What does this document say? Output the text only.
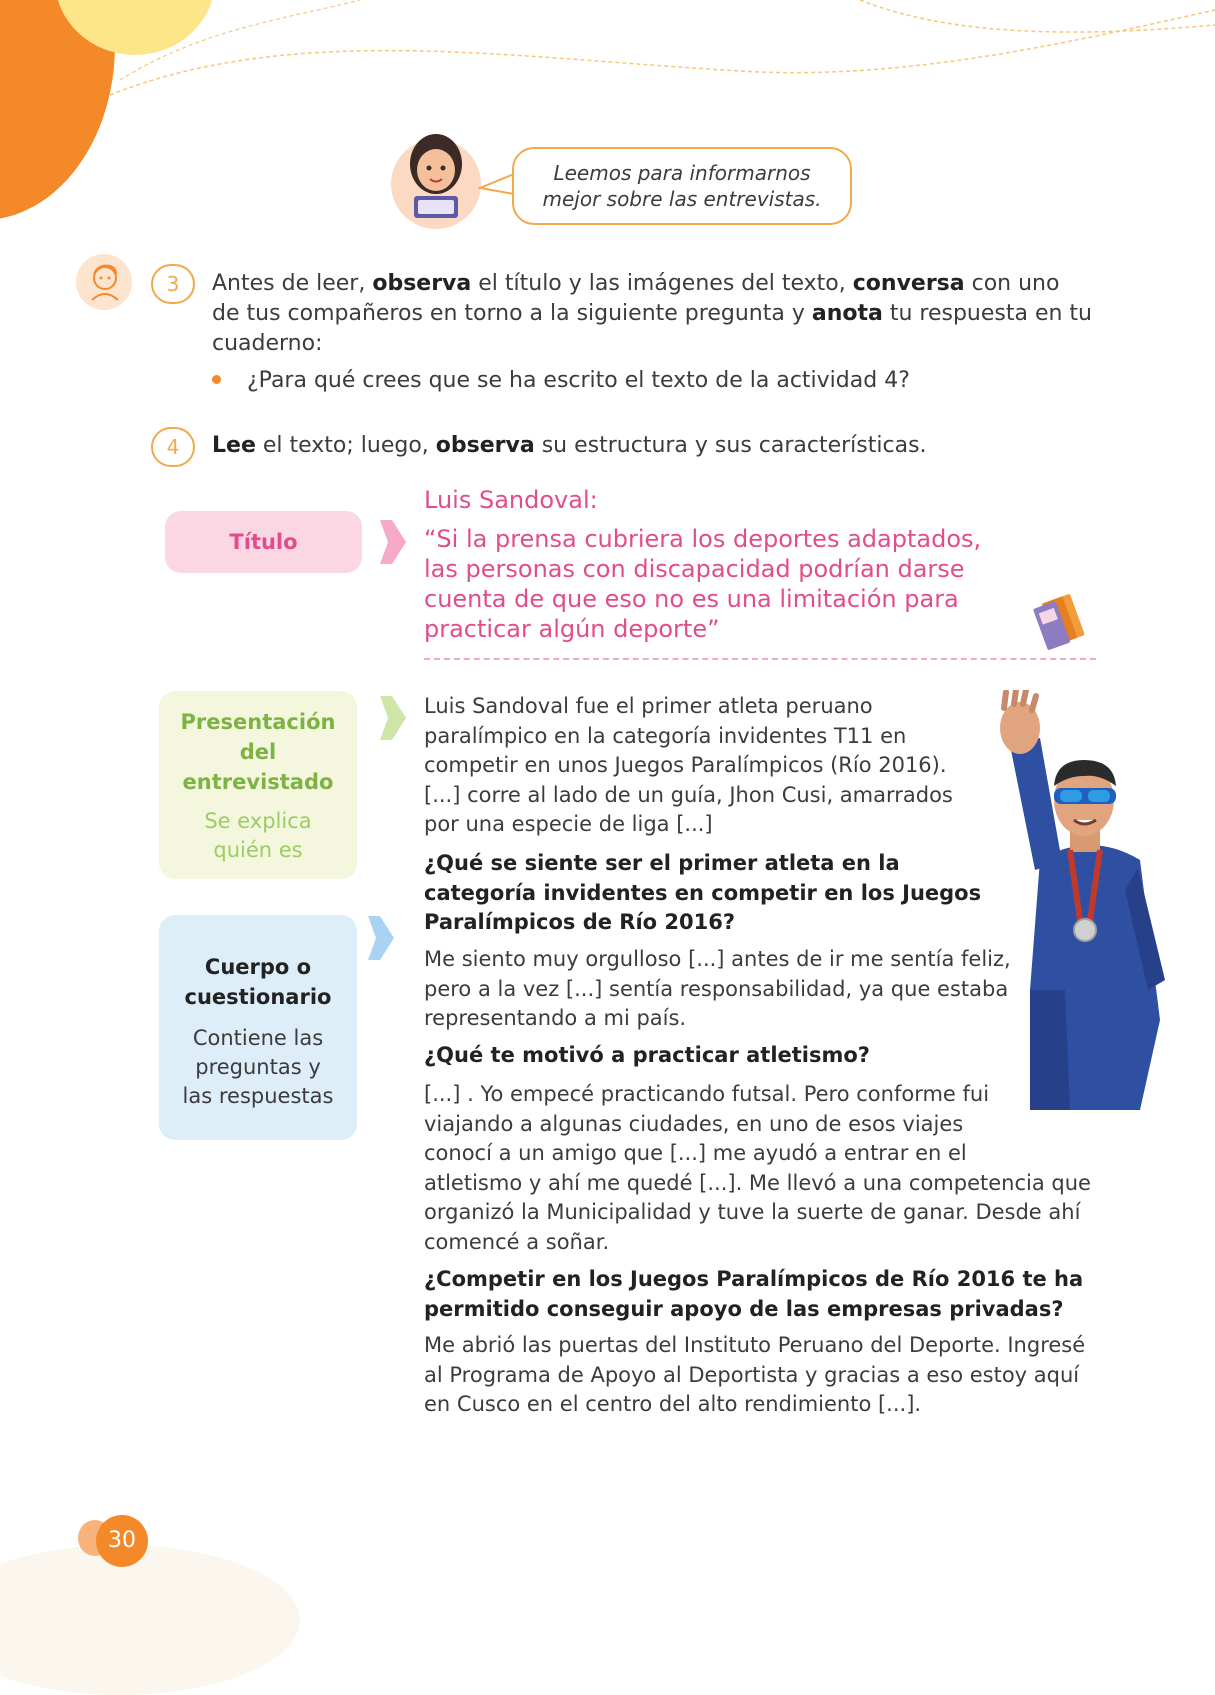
Leemos para informarnos
mejor sobre las entrevistas.
3	Antes de leer, observa el título y las imágenes del texto, conversa con uno de tus compañeros en torno a la siguiente pregunta y anota tu respuesta en tu cuaderno:
¿Para qué crees que se ha escrito el texto de la actividad 4?
4	Lee el texto; luego, observa su estructura y sus características.
Título
Presentación
del
entrevistado
Se explica
quién es
Cuerpo o
cuestionario
Contiene las
preguntas y
las respuestas
Luis Sandoval:
“Si la prensa cubriera los deportes adaptados,
las personas con discapacidad podrían darse
cuenta de que eso no es una limitación para
practicar algún deporte”
Luis Sandoval fue el primer atleta peruano
paralímpico en la categoría invidentes T11 en
competir en unos Juegos Paralímpicos (Río 2016).
[...] corre al lado de un guía, Jhon Cusi, amarrados
por una especie de liga [...]
¿Qué se siente ser el primer atleta en la
categoría invidentes en competir en los Juegos
Paralímpicos de Río 2016?
Me siento muy orgulloso [...] antes de ir me sentía feliz,
pero a la vez [...] sentía responsabilidad, ya que estaba
representando a mi país.
¿Qué te motivó a practicar atletismo?
[...] . Yo empecé practicando futsal. Pero conforme fui
viajando a algunas ciudades, en uno de esos viajes
conocí a un amigo que [...] me ayudó a entrar en el
atletismo y ahí me quedé [...]. Me llevó a una competencia que
organizó la Municipalidad y tuve la suerte de ganar. Desde ahí
comencé a soñar.
¿Competir en los Juegos Paralímpicos de Río 2016 te ha
permitido conseguir apoyo de las empresas privadas?
Me abrió las puertas del Instituto Peruano del Deporte. Ingresé
al Programa de Apoyo al Deportista y gracias a eso estoy aquí
en Cusco en el centro del alto rendimiento [...].
30
